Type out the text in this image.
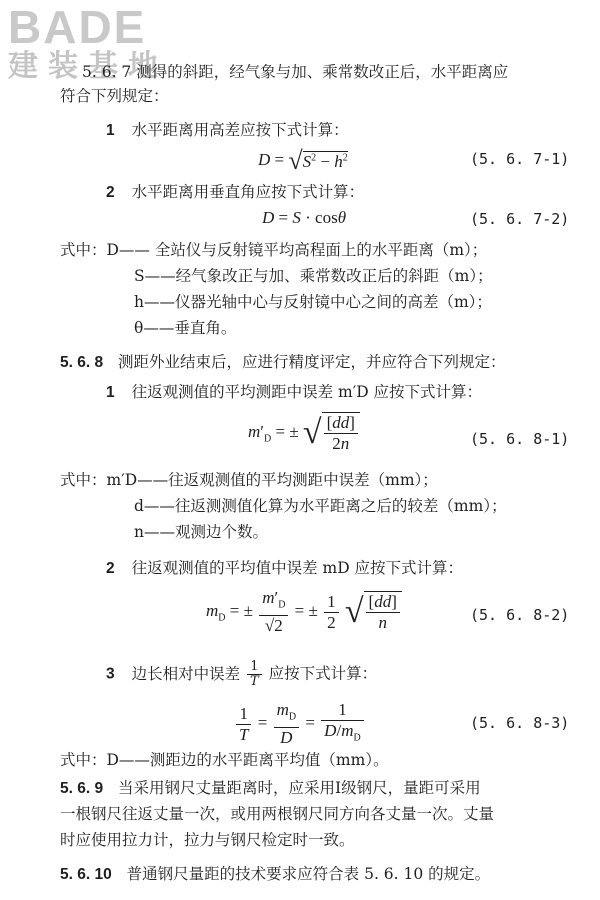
BADE
建装基地
5. 6. 7 测得的斜距，经气象与加、乘常数改正后，水平距离应
符合下列规定：
1 水平距离用高差应按下式计算：
$D = √S^2 - h^2$	(5. 6. 7-1)
2 水平距离用垂直角应按下式计算：
D = S · cosθ	(5. 6. 7-2)
式中：D—— 全站仪与反射镜平均高程面上的水平距离（m）；
S——经气象改正与加、乘常数改正后的斜距（m）；
h——仪器光轴中心与反射镜中心之间的高差（m）；
θ——垂直角。
5. 6. 8 测距外业结束后，应进行精度评定，并应符合下列规定：
1 往返观测值的平均测距中误差 m′D 应按下式计算：
$m'_D$ = ± √ $\frac{[dd]}{2n}$	(5. 6. 8-1)
式中：m′D——往返观测值的平均测距中误差（mm）；
d——往返测测值化算为水平距离之后的较差（mm）；
n——观测边个数。
2 往返观测值的平均值中误差 mD 应按下式计算：
$m_D$ = ± $\frac{m'_D}{√2}$ = ± $\frac{1}{2}$ √ $\frac{[dd]}{n}$	(5. 6. 8-2)
3 边长相对中误差 $\frac{1}{T}$ 应按下式计算：
$\frac{1}{T} = \frac{m_D}{D} = \frac{1}{D/m_D}$	(5. 6. 8-3)
式中：D——测距边的水平距离平均值（mm）。
5. 6. 9 当采用钢尺丈量距离时，应采用Ⅰ级钢尺，量距可采用
一根钢尺往返丈量一次，或用两根钢尺同方向各丈量一次。丈量
时应使用拉力计，拉力与钢尺检定时一致。
5. 6. 10 普通钢尺量距的技术要求应符合表 5. 6. 10 的规定。
